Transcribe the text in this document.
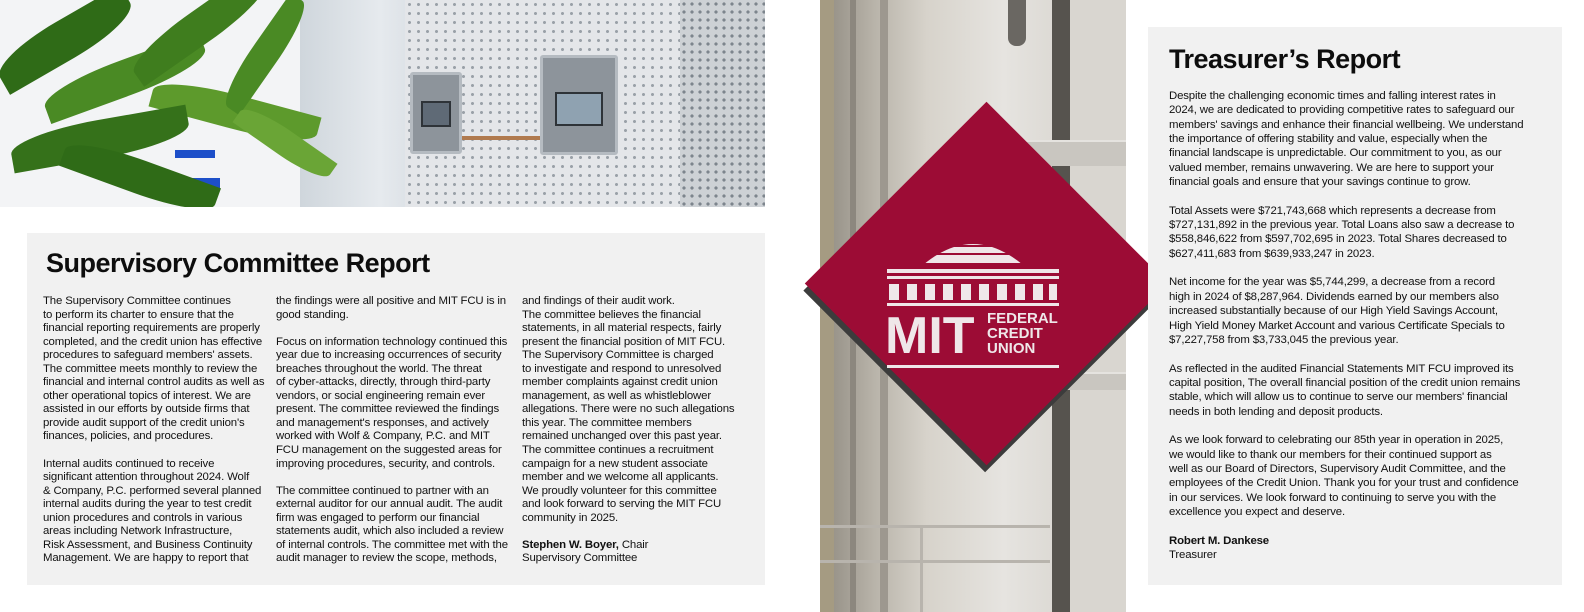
Supervisory Committee Report

The Supervisory Committee continues
to perform its charter to ensure that the
financial reporting requirements are properly
completed, and the credit union has effective
procedures to safeguard members' assets.
The committee meets monthly to review the
financial and internal control audits as well as
other operational topics of interest. We are
assisted in our efforts by outside firms that
provide audit support of the credit union's
finances, policies, and procedures.

Internal audits continued to receive
significant attention throughout 2024. Wolf
& Company, P.C. performed several planned
internal audits during the year to test credit
union procedures and controls in various
areas including Network Infrastructure,
Risk Assessment, and Business Continuity
Management. We are happy to report that

the findings were all positive and MIT FCU is in
good standing.

Focus on information technology continued this
year due to increasing occurrences of security
breaches throughout the world. The threat
of cyber-attacks, directly, through third-party
vendors, or social engineering remain ever
present. The committee reviewed the findings
and management's responses, and actively
worked with Wolf & Company, P.C. and MIT
FCU management on the suggested areas for
improving procedures, security, and controls.

The committee continued to partner with an
external auditor for our annual audit. The audit
firm was engaged to perform our financial
statements audit, which also included a review
of internal controls. The committee met with the
audit manager to review the scope, methods,

and findings of their audit work.
The committee believes the financial
statements, in all material respects, fairly
present the financial position of MIT FCU.
The Supervisory Committee is charged
to investigate and respond to unresolved
member complaints against credit union
management, as well as whistleblower
allegations. There were no such allegations
this year. The committee members
remained unchanged over this past year.
The committee continues a recruitment
campaign for a new student associate
member and we welcome all applicants.
We proudly volunteer for this committee
and look forward to serving the MIT FCU
community in 2025.

Stephen W. Boyer, Chair
Supervisory Committee

MIT FEDERAL
CREDIT
UNION
Treasurer’s Report

Despite the challenging economic times and falling interest rates in
2024, we are dedicated to providing competitive rates to safeguard our
members' savings and enhance their financial wellbeing. We understand
the importance of offering stability and value, especially when the
financial landscape is unpredictable. Our commitment to you, as our
valued member, remains unwavering. We are here to support your
financial goals and ensure that your savings continue to grow.

Total Assets were $721,743,668 which represents a decrease from
$727,131,892 in the previous year. Total Loans also saw a decrease to
$558,846,622 from $597,702,695 in 2023. Total Shares decreased to
$627,411,683 from $639,933,247 in 2023.

Net income for the year was $5,744,299, a decrease from a record
high in 2024 of $8,287,964. Dividends earned by our members also
increased substantially because of our High Yield Savings Account,
High Yield Money Market Account and various Certificate Specials to
$7,227,758 from $3,733,045 the previous year.

As reflected in the audited Financial Statements MIT FCU improved its
capital position, The overall financial position of the credit union remains
stable, which will allow us to continue to serve our members' financial
needs in both lending and deposit products.

As we look forward to celebrating our 85th year in operation in 2025,
we would like to thank our members for their continued support as
well as our Board of Directors, Supervisory Audit Committee, and the
employees of the Credit Union. Thank you for your trust and confidence
in our services. We look forward to continuing to serve you with the
excellence you expect and deserve.

Robert M. Dankese
Treasurer
